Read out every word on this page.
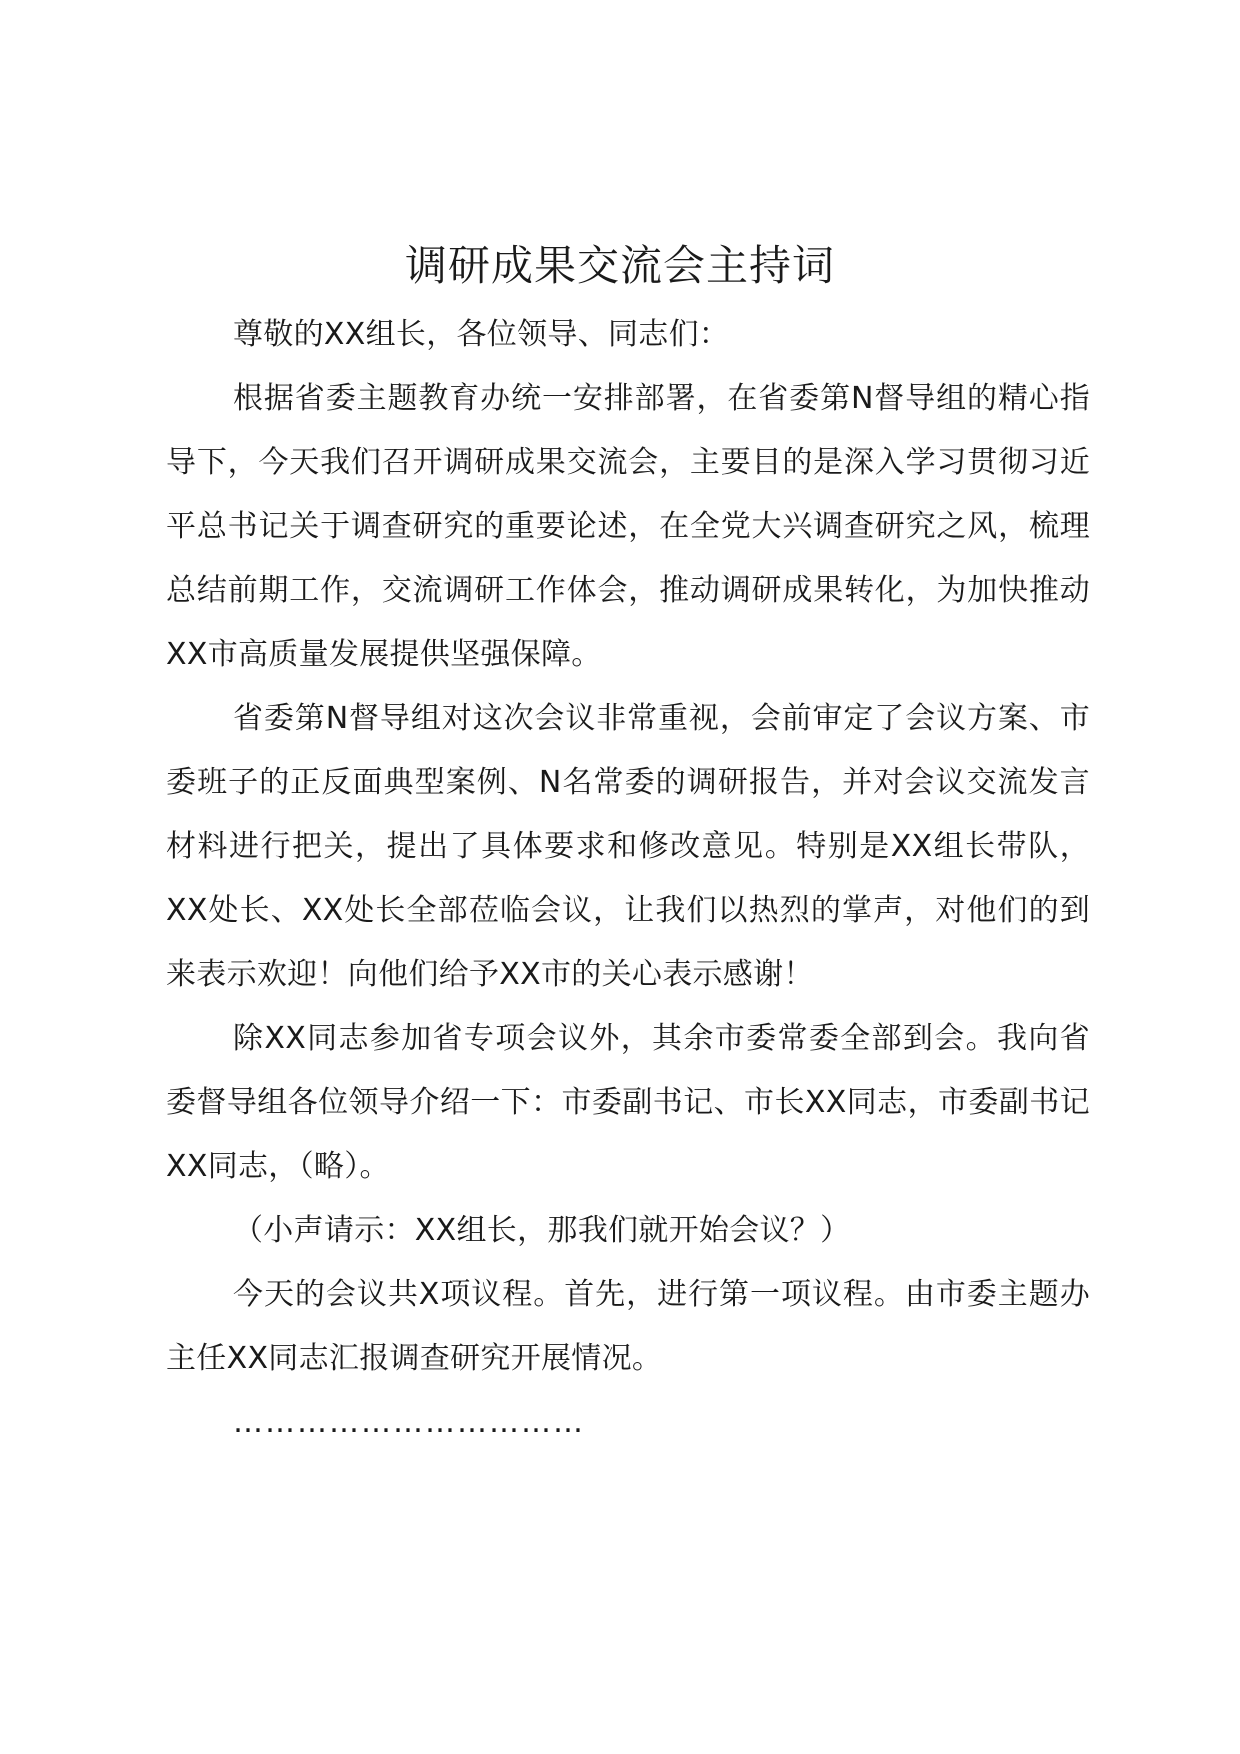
调研成果交流会主持词

尊敬的XX组长，各位领导、同志们：

根据省委主题教育办统一安排部署，在省委第N督导组的精心指导下，今天我们召开调研成果交流会，主要目的是深入学习贯彻习近平总书记关于调查研究的重要论述，在全党大兴调查研究之风，梳理总结前期工作，交流调研工作体会，推动调研成果转化，为加快推动XX市高质量发展提供坚强保障。

省委第N督导组对这次会议非常重视，会前审定了会议方案、市委班子的正反面典型案例、N名常委的调研报告，并对会议交流发言材料进行把关，提出了具体要求和修改意见。特别是XX组长带队，XX处长、XX处长全部莅临会议，让我们以热烈的掌声，对他们的到来表示欢迎！向他们给予XX市的关心表示感谢！

除XX同志参加省专项会议外，其余市委常委全部到会。我向省委督导组各位领导介绍一下：市委副书记、市长XX同志，市委副书记XX同志，（略）。

（小声请示：XX组长，那我们就开始会议？）

今天的会议共X项议程。首先，进行第一项议程。由市委主题办主任XX同志汇报调查研究开展情况。

……………………………
